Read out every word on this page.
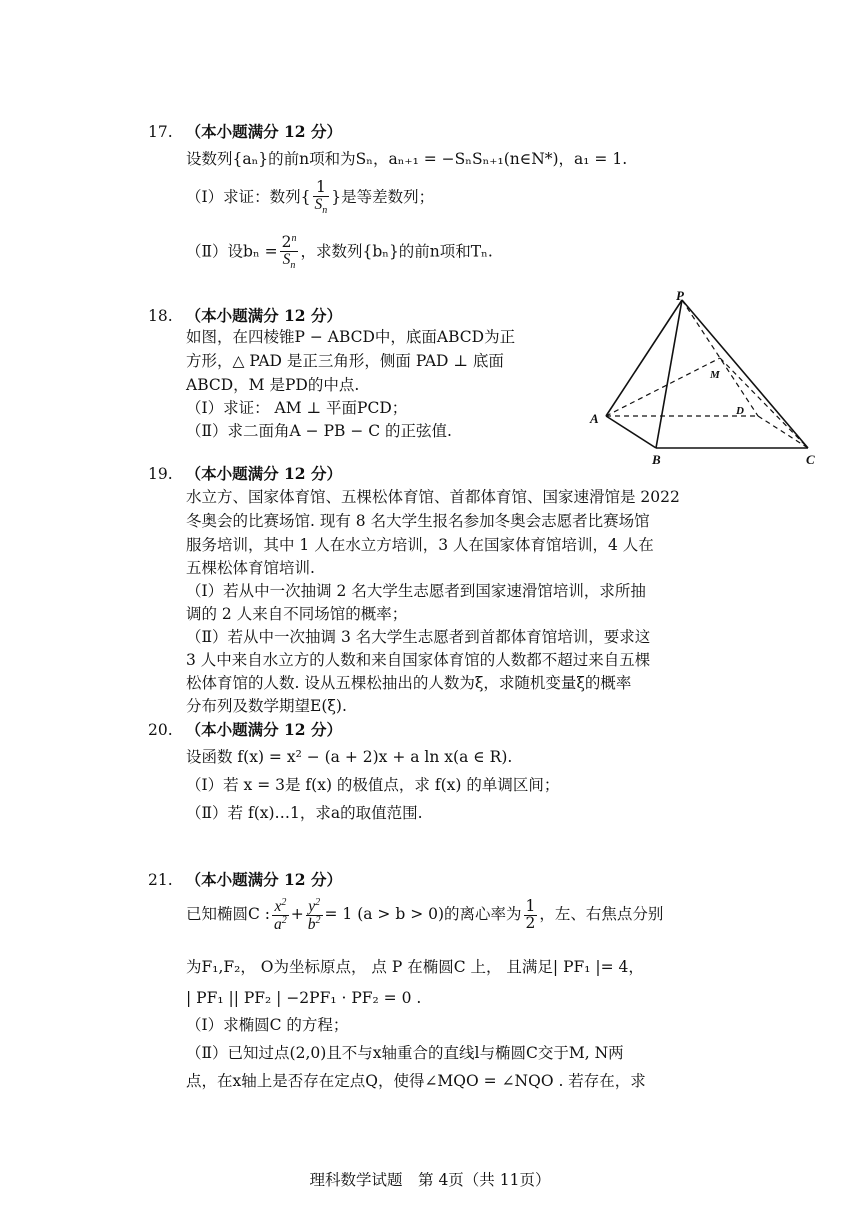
17. （本小题满分 12 分）
设数列{aₙ}的前n项和为Sₙ，aₙ₊₁ = −SₙSₙ₊₁(n∈N*)，a₁ = 1.
（Ⅰ）求证：数列{ $\frac{1}{S_n}$ }是等差数列；
（Ⅱ）设$b_n = \frac{2^n}{S_n}$ ，求数列{bₙ}的前n项和Tₙ.
18. （本小题满分 12 分）
如图，在四棱锥P − ABCD中，底面ABCD为正
方形，△ PAD 是正三角形，侧面 PAD ⊥ 底面
ABCD，M 是PD的中点.
（Ⅰ）求证： AM ⊥ 平面PCD；
（Ⅱ）求二面角A − PB − C 的正弦值.
P
M
D
A
B	C
19. （本小题满分 12 分）
水立方、国家体育馆、五棵松体育馆、首都体育馆、国家速滑馆是 2022
冬奥会的比赛场馆. 现有 8 名大学生报名参加冬奥会志愿者比赛场馆
服务培训，其中 1 人在水立方培训，3 人在国家体育馆培训，4 人在
五棵松体育馆培训.
（Ⅰ）若从中一次抽调 2 名大学生志愿者到国家速滑馆培训，求所抽
调的 2 人来自不同场馆的概率；
（Ⅱ）若从中一次抽调 3 名大学生志愿者到首都体育馆培训，要求这
3 人中来自水立方的人数和来自国家体育馆的人数都不超过来自五棵
松体育馆的人数. 设从五棵松抽出的人数为ξ，求随机变量ξ的概率
分布列及数学期望E(ξ).
20. （本小题满分 12 分）
设函数 f(x) = x² − (a + 2)x + a ln x(a ∈ R).
（Ⅰ）若 x = 3是 f(x) 的极值点，求 f(x) 的单调区间；
（Ⅱ）若 f(x)…1，求a的取值范围.
21. （本小题满分 12 分）
已知椭圆C : $\frac{x^2}{a^2} + \frac{y^2}{b^2} = 1$ (a > b > 0)的离心率为 $\frac{1}{2}$ ，左、右焦点分别
为F₁,F₂， O为坐标原点， 点 P 在椭圆C 上， 且满足| PF₁ |= 4，
| PF₁ || PF₂ | −2PF₁ · PF₂ = 0 .
（Ⅰ）求椭圆C 的方程；
（Ⅱ）已知过点(2,0)且不与x轴重合的直线l与椭圆C交于M, N两
点，在x轴上是否存在定点Q，使得∠MQO = ∠NQO . 若存在，求
理科数学试题　第 4页（共 11页）
